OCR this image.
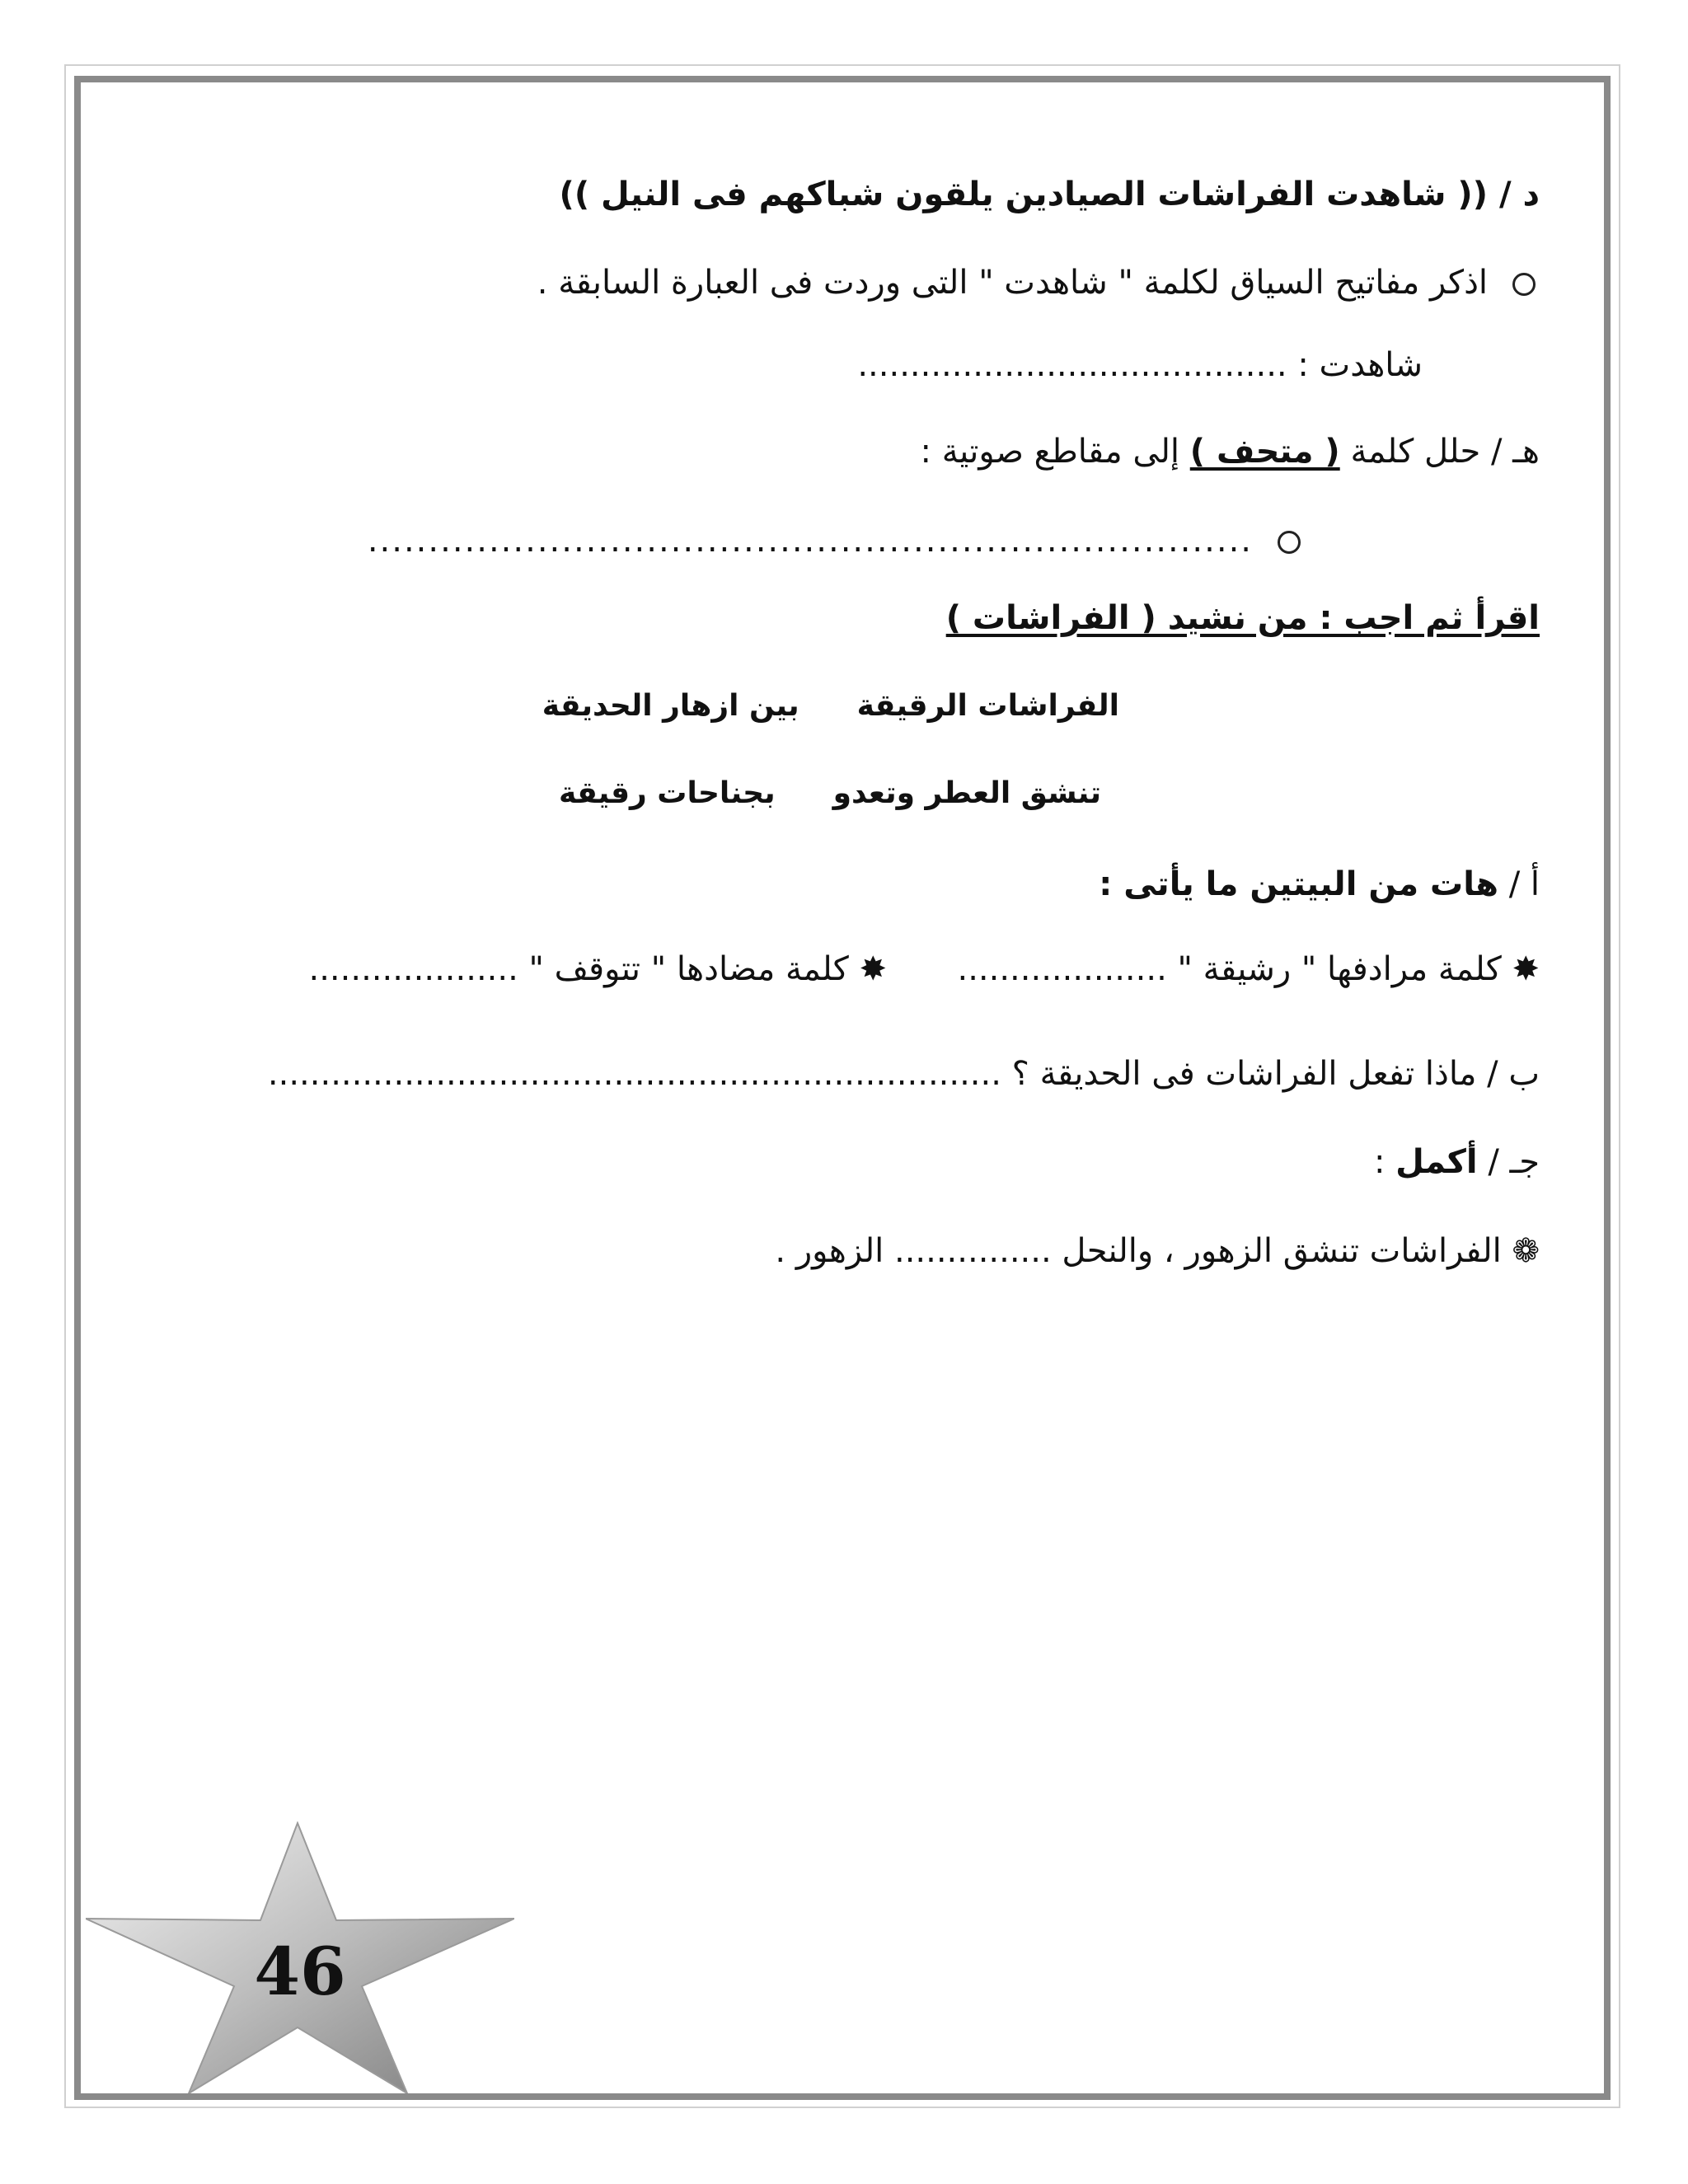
د / (( شاهدت الفراشات الصيادين يلقون شباكهم فى النيل ))
اذكر مفاتيح السياق لكلمة " شاهدت " التى وردت فى العبارة السابقة .
شاهدت : .........................................
هـ / حلل كلمة ( متحف ) إلى مقاطع صوتية :
.........................................................................
اقرأ ثم اجب : من نشيد ( الفراشات )
الفراشات الرقيقةبين ازهار الحديقة
تنشق العطر وتعدوبجناحات رقيقة
أ / هات من البيتين ما يأتى :
✸ كلمة مرادفها " رشيقة " ....................  ✸ كلمة مضادها " تتوقف " ....................
ب / ماذا تفعل الفراشات فى الحديقة ؟ ......................................................................
جـ / أكمل :
❁ الفراشات تنشق الزهور ، والنحل ............... الزهور .
46
